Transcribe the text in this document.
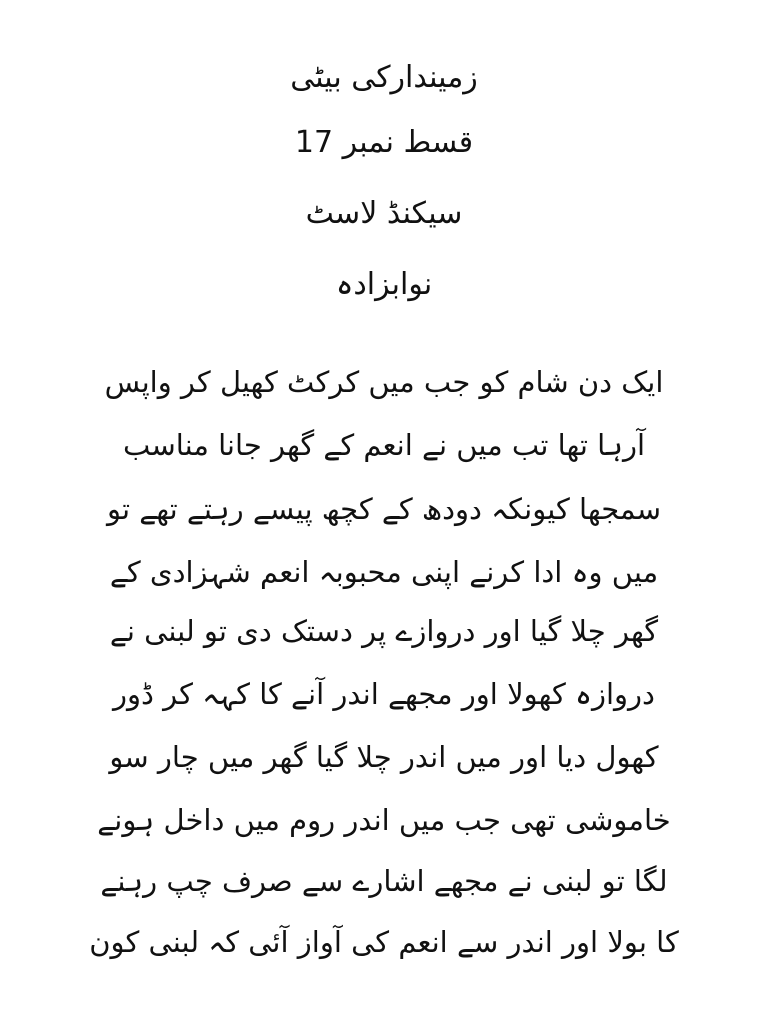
زمیندارکی بیٹی
قسط نمبر 17
سیکنڈ لاسٹ
نوابزادہ
ایک دن شام کو جب میں کرکٹ کھیل کر واپس
آرہا تھا تب میں نے انعم کے گھر جانا مناسب
سمجھا کیونکہ دودھ کے کچھ پیسے رہتے تھے تو
میں وہ ادا کرنے اپنی محبوبہ انعم شہزادی کے
گھر چلا گیا اور دروازے پر دستک دی تو لبنی نے
دروازہ کھولا اور مجھے اندر آنے کا کہہ کر ڈور
کھول دیا اور میں اندر چلا گیا گھر میں چار سو
خاموشی تھی جب میں اندر روم میں داخل ہونے
لگا تو لبنی نے مجھے اشارے سے صرف چپ رہنے
کا بولا اور اندر سے انعم کی آواز آئی کہ لبنی کون
